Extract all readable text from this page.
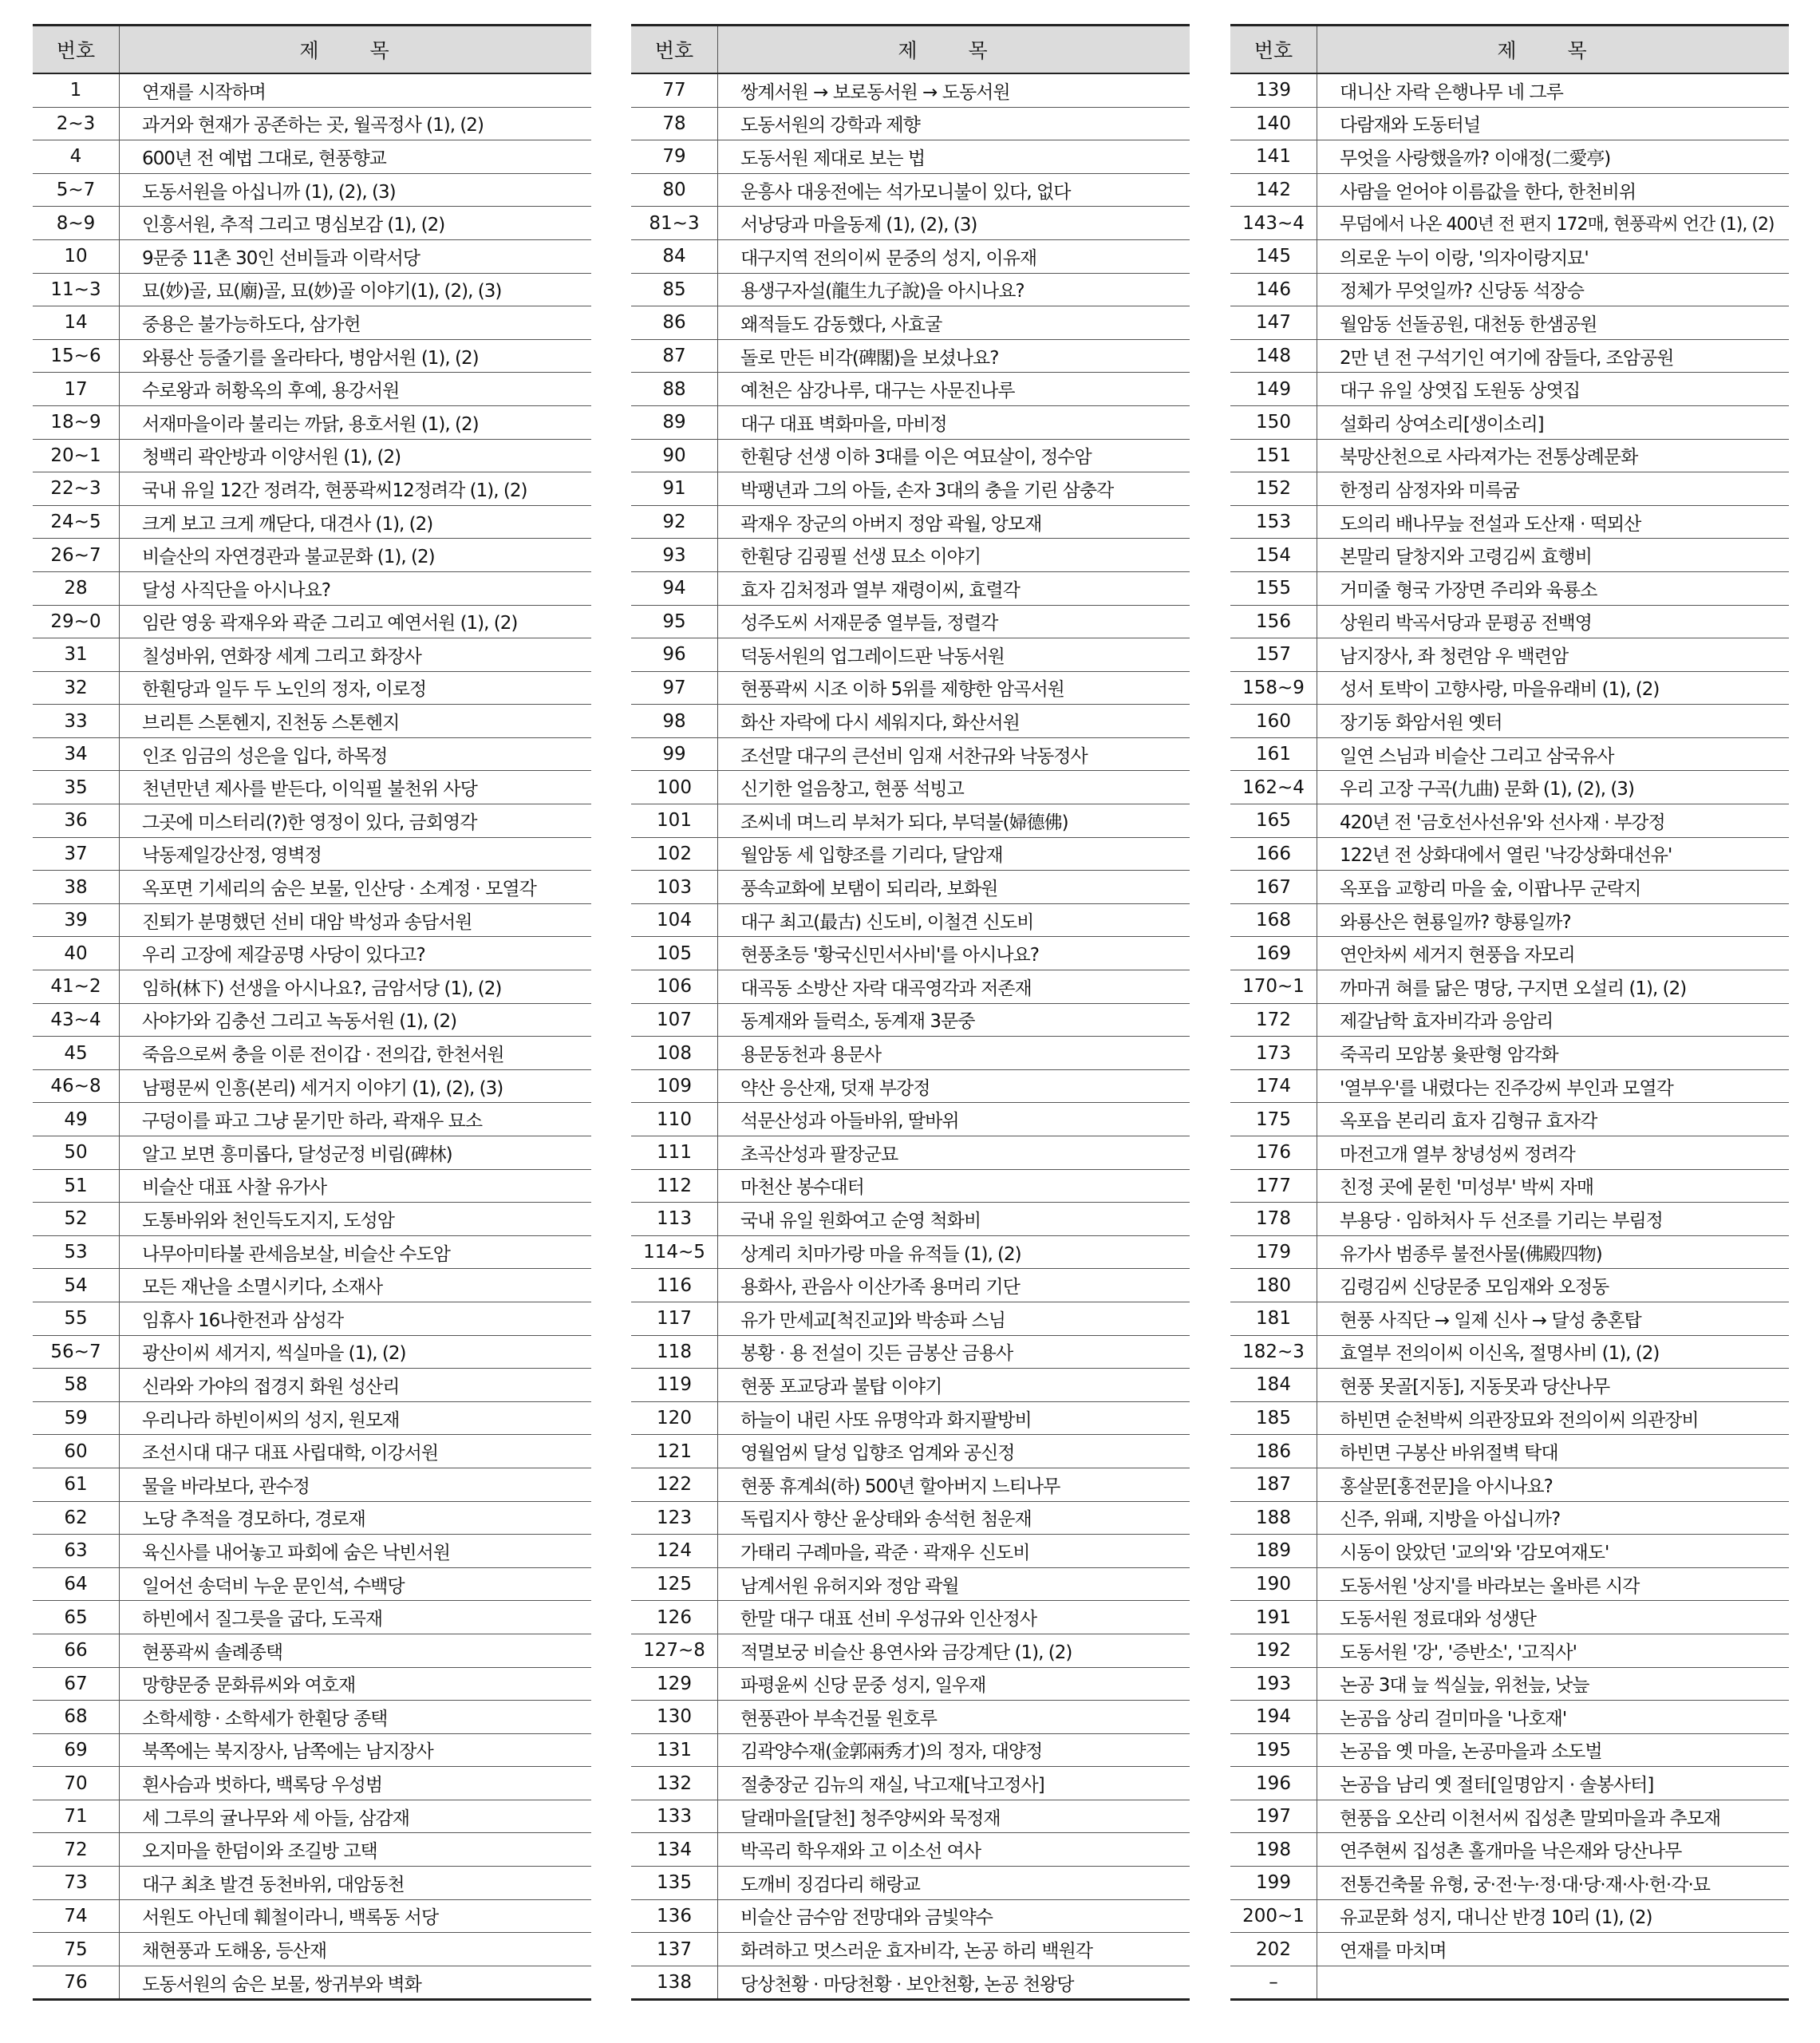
번호	제 목
1	연재를 시작하며
2~3	과거와 현재가 공존하는 곳, 월곡정사 (1), (2)
4	600년 전 예법 그대로, 현풍향교
5~7	도동서원을 아십니까 (1), (2), (3)
8~9	인흥서원, 추적 그리고 명심보감 (1), (2)
10	9문중 11촌 30인 선비들과 이락서당
11~3	묘(妙)골, 묘(廟)골, 묘(妙)골 이야기(1), (2), (3)
14	중용은 불가능하도다, 삼가헌
15~6	와룡산 등줄기를 올라타다, 병암서원 (1), (2)
17	수로왕과 허황옥의 후예, 용강서원
18~9	서재마을이라 불리는 까닭, 용호서원 (1), (2)
20~1	청백리 곽안방과 이양서원 (1), (2)
22~3	국내 유일 12간 정려각, 현풍곽씨12정려각 (1), (2)
24~5	크게 보고 크게 깨닫다, 대견사 (1), (2)
26~7	비슬산의 자연경관과 불교문화 (1), (2)
28	달성 사직단을 아시나요?
29~0	임란 영웅 곽재우와 곽준 그리고 예연서원 (1), (2)
31	칠성바위, 연화장 세계 그리고 화장사
32	한훤당과 일두 두 노인의 정자, 이로정
33	브리튼 스톤헨지, 진천동 스톤헨지
34	인조 임금의 성은을 입다, 하목정
35	천년만년 제사를 받든다, 이익필 불천위 사당
36	그곳에 미스터리(?)한 영정이 있다, 금회영각
37	낙동제일강산정, 영벽정
38	옥포면 기세리의 숨은 보물, 인산당 · 소계정 · 모열각
39	진퇴가 분명했던 선비 대암 박성과 송담서원
40	우리 고장에 제갈공명 사당이 있다고?
41~2	임하(林下) 선생을 아시나요?, 금암서당 (1), (2)
43~4	사야가와 김충선 그리고 녹동서원 (1), (2)
45	죽음으로써 충을 이룬 전이갑 · 전의갑, 한천서원
46~8	남평문씨 인흥(본리) 세거지 이야기 (1), (2), (3)
49	구덩이를 파고 그냥 묻기만 하라, 곽재우 묘소
50	알고 보면 흥미롭다, 달성군정 비림(碑林)
51	비슬산 대표 사찰 유가사
52	도통바위와 천인득도지지, 도성암
53	나무아미타불 관세음보살, 비슬산 수도암
54	모든 재난을 소멸시키다, 소재사
55	임휴사 16나한전과 삼성각
56~7	광산이씨 세거지, 씩실마을 (1), (2)
58	신라와 가야의 접경지 화원 성산리
59	우리나라 하빈이씨의 성지, 원모재
60	조선시대 대구 대표 사립대학, 이강서원
61	물을 바라보다, 관수정
62	노당 추적을 경모하다, 경로재
63	육신사를 내어놓고 파회에 숨은 낙빈서원
64	일어선 송덕비 누운 문인석, 수백당
65	하빈에서 질그릇을 굽다, 도곡재
66	현풍곽씨 솔례종택
67	망향문중 문화류씨와 여호재
68	소학세향 · 소학세가 한훤당 종택
69	북쪽에는 북지장사, 남쪽에는 남지장사
70	흰사슴과 벗하다, 백록당 우성범
71	세 그루의 귤나무와 세 아들, 삼감재
72	오지마을 한덤이와 조길방 고택
73	대구 최초 발견 동천바위, 대암동천
74	서원도 아닌데 훼철이라니, 백록동 서당
75	채현풍과 도해옹, 등산재
76	도동서원의 숨은 보물, 쌍귀부와 벽화
번호	제 목
77	쌍계서원 → 보로동서원 → 도동서원
78	도동서원의 강학과 제향
79	도동서원 제대로 보는 법
80	운흥사 대웅전에는 석가모니불이 있다, 없다
81~3	서낭당과 마을동제 (1), (2), (3)
84	대구지역 전의이씨 문중의 성지, 이유재
85	용생구자설(龍生九子說)을 아시나요?
86	왜적들도 감동했다, 사효굴
87	돌로 만든 비각(碑閣)을 보셨나요?
88	예천은 삼강나루, 대구는 사문진나루
89	대구 대표 벽화마을, 마비정
90	한훤당 선생 이하 3대를 이은 여묘살이, 정수암
91	박팽년과 그의 아들, 손자 3대의 충을 기린 삼충각
92	곽재우 장군의 아버지 정암 곽월, 앙모재
93	한훤당 김굉필 선생 묘소 이야기
94	효자 김처정과 열부 재령이씨, 효렬각
95	성주도씨 서재문중 열부들, 정렬각
96	덕동서원의 업그레이드판 낙동서원
97	현풍곽씨 시조 이하 5위를 제향한 암곡서원
98	화산 자락에 다시 세워지다, 화산서원
99	조선말 대구의 큰선비 임재 서찬규와 낙동정사
100	신기한 얼음창고, 현풍 석빙고
101	조씨네 며느리 부처가 되다, 부덕불(婦德佛)
102	월암동 세 입향조를 기리다, 달암재
103	풍속교화에 보탬이 되리라, 보화원
104	대구 최고(最古) 신도비, 이철견 신도비
105	현풍초등 '황국신민서사비'를 아시나요?
106	대곡동 소방산 자락 대곡영각과 저존재
107	동계재와 들럭소, 동계재 3문중
108	용문동천과 용문사
109	약산 응산재, 덧재 부강정
110	석문산성과 아들바위, 딸바위
111	초곡산성과 팔장군묘
112	마천산 봉수대터
113	국내 유일 원화여고 순영 척화비
114~5	상계리 치마가랑 마을 유적들 (1), (2)
116	용화사, 관음사 이산가족 용머리 기단
117	유가 만세교[척진교]와 박송파 스님
118	봉황 · 용 전설이 깃든 금봉산 금용사
119	현풍 포교당과 불탑 이야기
120	하늘이 내린 사또 유명악과 화지팔방비
121	영월엄씨 달성 입향조 엄계와 공신정
122	현풍 휴계쇠(하) 500년 할아버지 느티나무
123	독립지사 향산 윤상태와 송석헌 첨운재
124	가태리 구례마을, 곽준 · 곽재우 신도비
125	남계서원 유허지와 정암 곽월
126	한말 대구 대표 선비 우성규와 인산정사
127~8	적멸보궁 비슬산 용연사와 금강계단 (1), (2)
129	파평윤씨 신당 문중 성지, 일우재
130	현풍관아 부속건물 원호루
131	김곽양수재(金郭兩秀才)의 정자, 대양정
132	절충장군 김뉴의 재실, 낙고재[낙고정사]
133	달래마을[달천] 청주양씨와 묵정재
134	박곡리 학우재와 고 이소선 여사
135	도깨비 징검다리 해랑교
136	비슬산 금수암 전망대와 금빛약수
137	화려하고 멋스러운 효자비각, 논공 하리 백원각
138	당상천황 · 마당천황 · 보안천황, 논공 천왕당
번호	제 목
139	대니산 자락 은행나무 네 그루
140	다람재와 도동터널
141	무엇을 사랑했을까? 이애정(二愛亭)
142	사람을 얻어야 이름값을 한다, 한천비위
143~4	무덤에서 나온 400년 전 편지 172매, 현풍곽씨 언간 (1), (2)
145	의로운 누이 이랑, '의자이랑지묘'
146	정체가 무엇일까? 신당동 석장승
147	월암동 선돌공원, 대천동 한샘공원
148	2만 년 전 구석기인 여기에 잠들다, 조암공원
149	대구 유일 상엿집 도원동 상엿집
150	설화리 상여소리[생이소리]
151	북망산천으로 사라져가는 전통상례문화
152	한정리 삼정자와 미륵굼
153	도의리 배나무늪 전설과 도산재 · 떡뫼산
154	본말리 달창지와 고령김씨 효행비
155	거미줄 형국 가장면 주리와 육룡소
156	상원리 박곡서당과 문평공 전백영
157	남지장사, 좌 청련암 우 백련암
158~9	성서 토박이 고향사랑, 마을유래비 (1), (2)
160	장기동 화암서원 옛터
161	일연 스님과 비슬산 그리고 삼국유사
162~4	우리 고장 구곡(九曲) 문화 (1), (2), (3)
165	420년 전 '금호선사선유'와 선사재 · 부강정
166	122년 전 상화대에서 열린 '낙강상화대선유'
167	옥포읍 교항리 마을 숲, 이팝나무 군락지
168	와룡산은 현룡일까? 향룡일까?
169	연안차씨 세거지 현풍읍 자모리
170~1	까마귀 혀를 닮은 명당, 구지면 오설리 (1), (2)
172	제갈남학 효자비각과 응암리
173	죽곡리 모암봉 윷판형 암각화
174	'열부우'를 내렸다는 진주강씨 부인과 모열각
175	옥포읍 본리리 효자 김형규 효자각
176	마전고개 열부 창녕성씨 정려각
177	친정 곳에 묻힌 '미성부' 박씨 자매
178	부용당 · 임하처사 두 선조를 기리는 부림정
179	유가사 범종루 불전사물(佛殿四物)
180	김령김씨 신당문중 모임재와 오정동
181	현풍 사직단 → 일제 신사 → 달성 충혼탑
182~3	효열부 전의이씨 이신옥, 절명사비 (1), (2)
184	현풍 못골[지동], 지동못과 당산나무
185	하빈면 순천박씨 의관장묘와 전의이씨 의관장비
186	하빈면 구봉산 바위절벽 탁대
187	홍살문[홍전문]을 아시나요?
188	신주, 위패, 지방을 아십니까?
189	시동이 앉았던 '교의'와 '감모여재도'
190	도동서원 '상지'를 바라보는 올바른 시각
191	도동서원 정료대와 성생단
192	도동서원 '강', '증반소', '고직사'
193	논공 3대 늪 씩실늪, 위천늪, 낫늪
194	논공읍 상리 걸미마을 '나호재'
195	논공읍 옛 마을, 논공마을과 소도벌
196	논공읍 남리 옛 절터[일명암지 · 솔봉사터]
197	현풍읍 오산리 이천서씨 집성촌 말뫼마을과 추모재
198	연주현씨 집성촌 홀개마을 낙은재와 당산나무
199	전통건축물 유형, 궁·전·누·정·대·당·재·사·헌·각·묘
200~1	유교문화 성지, 대니산 반경 10리 (1), (2)
202	연재를 마치며
–	
